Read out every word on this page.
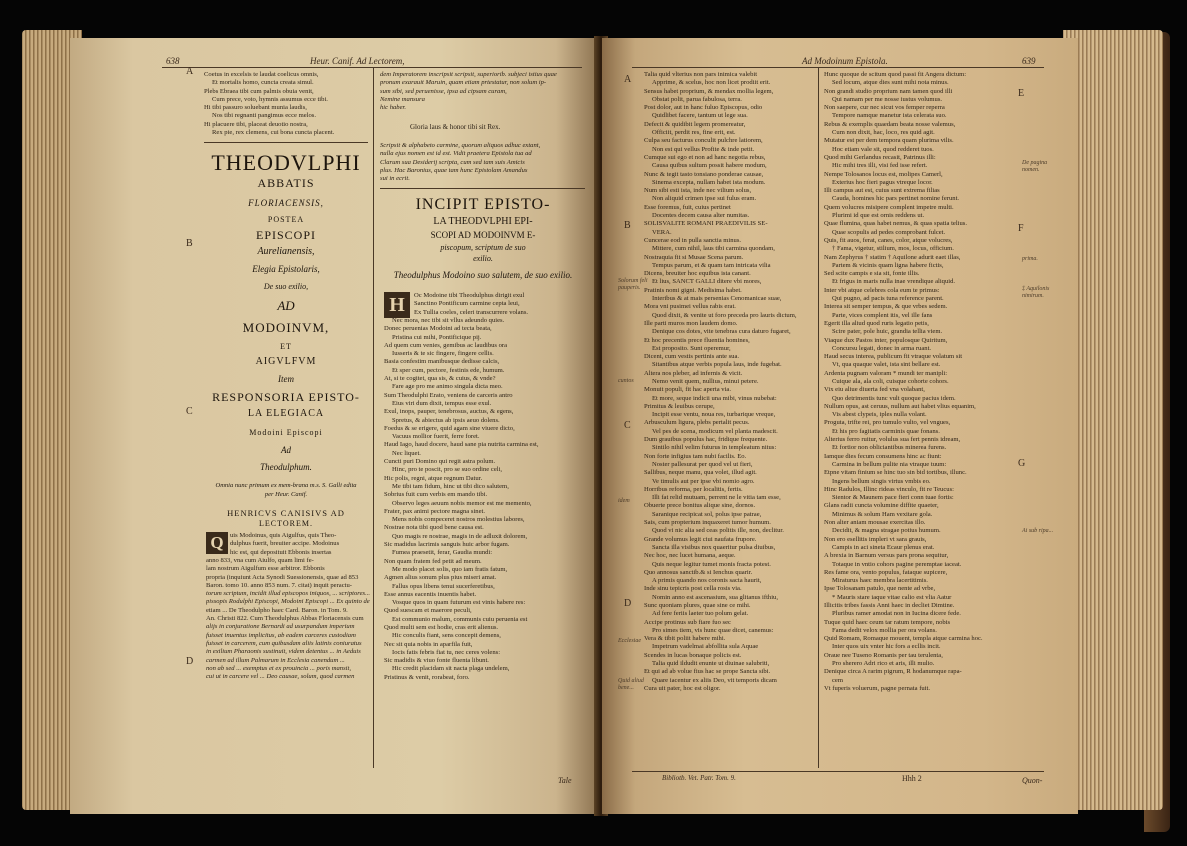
638	Heur. Canif. Ad Lectorem,
A
B
C
D
Coetus in excelsis te laudat coelicus omnis,
Et mortalis homo, cuncta creata simul.
Plebs Ebraea tibi cum palmis obuia venit,
Cum prece, voto, hymnis assumus ecce tibi.
Hi tibi passuro soluebant munia laudis,
Nos tibi regnanti pangimus ecce melos.
Hi placuere tibi, placeat deuotio nostra,
Rex pie, rex clemens, cui bona cuncta placent.
THEODVLPHI
ABBATIS
FLORIACENSIS,
POSTEA
EPISCOPI
Aurelianensis,
Elegia Epistolaris,
De suo exilio,
AD
MODOINVM,
ET
AIGVLFVM
Item
RESPONSORIA EPISTO-
LA ELEGIACA
Modoini Episcopi
Ad
Theodulphum.
Omnia nunc primum ex mem-brana m.s. S. Galli edita
per Heur. Canif.
HENRICVS CANISIVS AD
LECTOREM.
Q uis Modoinus, quis Aigulfus, quis Theo-
dulphus fuerit, breuiter accipe. Modoinus
hic est, qui deposituit Ebbonis insertas
anno 833, vna cum Aiulfo, quam limi fe-
lam nostrum Aigulfum esse arbitror. Ebbonis
propria (inquiunt Acta Synodi Suessionensis, quae ad 853
Baron. tomo 10. anno 853 num. 7. citat) inquit peractu-
torum scriptum, incidit illud episcopos iniquos, ... scriptores...
pissopis Rodulphi Episcopi, Modoini Episcopi ... Ex quinto de
etiam ... De Theodulpho haec Card. Baron. in Tom. 9.
An. Christi 822. Cum Theodulphus Abbas Floriacensis cum
alijs in conjuratione Bernardi ad usurpandum imperium
fuisset inuentus implicitus, ab eadem carceres custodiam
fuisset in carcerem, cum quibusdam aliis latinis coniuratus
in exilium Pharaonis sustinuit, videm detentus ... in Aeduis
carmen ad illum Palmarum in Ecclesia canendum ...
non ab sed ... exemptus et ex prouincia ... poris mansit,
cui ut in carcere vel ... Deo causae, solum, quod carmen
dem Imperatorem inscripsit scripsit, superiorib. subjeci istius quae
pronum exarauit Maruin, quam etiam prtestatur, non solum ip-
sum sibi, sed peruenisse, ipsa ad cipsam curam,
Nemine mansura
hic haber.
Gloria laus & honor tibi sit Rex.
Scripsit & alphabeto carmine, quorum aliquos adhuc extant,
nulla ejus nomen est id est. Vidit praetera Epistola tua ad
Clarum sua Desiderij scripta, cum sed tam suis Amicis
plus. Hac Baronius, quae tam hunc Epistolam Amandus
sui in ecrit.
INCIPIT EPISTO-
LA THEODVLPHI EPI-
SCOPI AD MODOINVM E-
piscopum, scriptum de suo
exilio.
Theodulphus Modoino suo salutem, de suo exilio.
H	Oc Modoine tibi Theodulphus dirigit exul
Sanctino Pontificum carmine cepta leui,
Ex Tullia coeles, celeri transcurrere volans.
Nec mora, nec tibi sit vllus adeundo quies.
Donec peruenias Modoini ad tecta beata,
Pristina cui mihi, Pontificique pij.
Ad quem cum venies, gemibus ac laudibus ora
Iusseris & te sic fingere, fingere cellis.
Basia confestim manibusque dedisse calcis,
Et sper cum, pectore, festinis ede, humum.
At, si te cogitet, qua sis, & cuius, & vnde?
Fare age pro me animo singula dicta meo.
Sum Theodulphi Erato, veniens de carceris antro
Eius viri dum dixit, tempus esse exul.
Exul, inops, pauper, tenebrosus, auctus, & egens,
Spretus, & abiectus ab ipsis aeuo dolens.
Foedus & se erigere, quid agam sine viuere dicto,
Vacuus mollior fuerit, ferre foret.
Haud Iago, haud docere, haud sane pia nutrita carmina est,
Nec liquet.
Cuncti puri Domino qui regit astra polum.
Hinc, pro te poscit, pro se suo ordine celi,
Hic polis, regni, atque regnum Datur.
Me tibi tam fidum, hinc ut tibi dico salutem,
Sobrius fuit cum verbis em mando tibi.
Observo leges aeuum nobis memor est me memento,
Frater, pax animi pectore magna sinet.
Mens nobis compeceret nostros molestius labores,
Nostrae nota tibi quod bene causa est.
Quo magis re nostrae, magis in de adluxit dolorem,
Sic madidus lacrimis sanguis huic arbor fugam.
Fumea praesetit, ferar, Gaudia mundi:
Non quam fratem fed petit ad meum.
Me modo placet solis, quo iam fratis fatum,
Agmen alius sonum plus pius miseri amat.
Fallus opus libens tenui sucerferetibus,
Esse annus eacentis inuentis habet.
Vosque quos in quam futurum est vinis habere res:
Quod suescam et maerore peculi,
Est communio malum, communis cuiu peruenia est
Quod multi sem est hodie, cras erit alienus.
Hic conculis fiant, sens concepit demens,
Nec sit quia nobis in aparfila fuit,
Iocis fatis febris fiat tu, nec ceres volens:
Sic madidis & viuo fonte fluenta libunt.
Hic credit placidam sit nacta plaga undelem,
Pristinus & venit, rorabeat, foro.
Tale
Ad Modoinum Epistola.	639
A
B
C
D
E
F
G
Solorum feli pauperis.
cuntos
idem
Ecclesiae
Quid aliud bene...
De pagina nomen.
prima.
‡ Aquilonis nimirum.
Ai sub ripa...
Talia quid vlterius non pars inimica valebit
Apprime, & scelus, hoc non licet prodiit erit.
Sensus habet proprium, & mendax mollia legem,
Obstat polit, parua fabulosa, terra.
Post dolor, aut in hanc fuluo Episcopus, odio
Quidlibet facere, tantum ut lege sua.
Defecit & quidibit legem promereatur,
Officiit, perdit res, fine erit, est.
Culpa seu facturus conculit pulchre latiorem,
Non est qui vellus Profite & inde petit.
Cumque sui ego et non ad hanc negotia rebus,
Causa quibus sultum possit habere modum,
Nunc & tegit tasto tonsiano ponderae causae,
Sinema excepta, nullam habet ista modum.
Num sibi esti ista, inde nec vilium solus,
Non aliquid crimen ipse sui fulus eram.
Esse foremus, fuit, cuius pertinet
Docentes decem causa alter numitas.
SOLISVALITE ROMANI PRAEDIVILIS SE-
VERA.
Cuncerae eod in pulla sanctia minus.
Mittere, cum nihil, laus tibi carmina quondam,
Nostraquia fit si Musae Scena parum.
Tempus parum, et & quam tam intricata vilia
Dicens, breuiter hoc equibus ista canant.
Et lius, SANCT GALLI ditere vbi mores,
Pratinis nomi gigni. Medisima habet.
Interibus & at mais persenias Cenomanicae suae,
Mora vni pusimei vellus rabis erat.
Quod dixit, & venite ut foro preceda pro lauris dictum,
Ille parti muros mon laudem domo.
Denique cos dotes, vite tenebras cura daturo fugaret,
Et hoc precentis prece fluentia homines,
Est proposito. Sunt operemur,
Dicent, cum vestis pertinis ante sua.
Sitantibus atque verbis popula laus, inde fugebat.
Altera nos pleber, ad infernis & vicit.
Nemo venit quem, nullius, minui petere.
Monuit populi, fit hac aperta via.
Et more, seque indicii una mibi, vinus nubebat:
Primitus & leuibus cerupe,
Incipit esse ventu, noua res, turbarique vreque,
Arbusculum ligura, plebs pertalit pecus.
Vel pes de scena, modicum vel planta madescit.
Dum grauibus populus hac, fridique frequente.
Sintilo nihil velim futurus in templeatum nitus:
Non forte infigius tam nubi facilis. Eo.
Noster pallesurat per quod vel ut fieri,
Sallibus, neque manu, qua volet, illud agit.
Ve timulis aut per ipse vbi nomio agro.
Horribus reforma, per localitis, fertis.
Illi fat relid mutuam, perrent ne le vitia tam esse,
Obuerte prece bonitus alique sine, dornos.
Saranique recipicat sol, polus ipse patrae,
Sais, cum propterium inquaxeret tumor humum.
Quod vi nic alia sed ceas politis ille, non, declitur.
Grande volumus legit ciui naufata frupore.
Sancta illa visibus nox quaeritur pulsa diuibus,
Nec hoc, nec lucet humana, aeque.
Quis neque legitur tumet monis fracta potest.
Quo annosus sanctib.& si Ienchus quarir.
A primis quando nos coronis sacta haurit,
Inde sinu tepicris post cella rosis via.
Nomin anno est ascenasium, sua glitanus ifthiu,
Sunc quoniam plures, quae sine ce mihi.
Ad fere feriis laeter tuo polum gelat.
Accipe protinus sub fiare fuo sec
Pro simes tiem, vis hunc quae dicet, canemus:
Vera & tibit poliit habere mihi.
Impetrum vadelmai abfollita sula Aquae
Scendes in lucas bonaque policis est.
Talia quid ildudit enunte ut diuinae salubriti,
Et qui ad ab volue fius hac se prope Sancta sibi.
Quare iacentur ex aliis Deo, vit temporis dicam
Cura uit pater, hoc est oligor.
Hunc quoque de scitum quod passi fit Angera dictum:
Sed locum, atque dies sunt mihi nota minus.
Non grandi studio proprium nam tamen quod illi
Qui namam per me nosse iustus volumus.
Non saepere, cur nec sicut vos femper reperra
Tempore namque manetur ista celerata suo.
Rebus & exemplis quaedam beata nosse valemus,
Cum non dixit, hac, loco, res quid agit.
Mutatur est per dem tempora quam plurima vilis.
Hoc etiam vale sit, quod redderet tuos.
Quod mihi Gerlandus recasit, Patrinus illi:
Hic mihi tres illi, visi fed isse refert.
Nempe Tolosanos locus est, molipes Camerl,
Exterius hoc fieri pagus vtreque locor.
Illi campus aut est, cuius sunt extrema filias
Cauda, homines hic pars pertinet nomine ferunt.
Quem volucres misipere complent impetre multi.
Plurimi id que est ornis reddens ut.
Quae flumina, quas habet nemus, & quas spatia telius.
Quae scopulis ad pedes comprobant fulcet.
Quis, fit auos, ferat, canes, color, atque volucres,
† Fama, vigetur, stilium, mos, locus, officium.
Nam Zephyrus † statim † Aquilone adurit eaet illas,
Partem & vicinis quam ligna habere fictis,
Sed scite campis e sia sit, fonte illis.
Et frigus in maris nulla inae vrendique aliquid.
Inter vbi atque celebres cola eum te primus:
Qui pugno, ad pacis tuna reference parent.
Interea sit semper tempus, & que vrbes sedem.
Parte, vices complent itis, vel ille fans
Egerit illa aliud quod ruris legatio petis,
Scire pater, pole huic, grandia tellia viem.
Viaque dux Pastos inter, populosque Quiritum,
Concursu legati, donec in arma ruant.
Haud secus interea, publicum fit vtraque volatum sit
Vt, qua quaque valet, ista sint bellare est.
Ardenta pugnam valoram * mundi ter manipli:
Cuique ala, ala coli, cuisque cohorte cohors.
Vix eiu aliue diuerta fed vna volabant,
Quo detrimentis tunc vult quoque pacius idem.
Nullum opus, ast ceruus, nullum aut habet vlius equanim,
Vis abest clypeis, iples nulla volant.
Proguta, trifte rei, pro tumulo vulto, vel vngues,
Et his pro fagitatis carminis quae fonans.
Alterius ferro ruitur, volulus sua fert pennis idream,
Et fortior non obliciantibus minerea furens.
Iamque dies fecum consumens hinc ac fiunt:
Carmina in bellum pulite nia vtraque tuum:
Etpne vitam finium se hinc tuo sin bid tortibus, illunc.
Ingens bellum singis virtus vmbis eo.
Hinc Radulos, Illinc rideas vinculo, fit re Teucus:
Sientor & Maunem pace fieri conn tuae fortis:
Glans radii cuncta volumine diffite quaeter,
Minimus & solum Ham vexitare gola.
Non alter aniam mousae exercitas illo.
Decidit, & magna stragae potius humum.
Non ero esellitis impleri vt sara grauis,
Campis in aci sineta Ecaur plenus erat.
A brexia in Barnum versus pars prona sequitur,
Totaque in vntio cohors pagine peremptae iaceat.
Res fame ora, vento populus, fataque supicere,
Miraturus haec membra lacertitimis.
Ipse Tolosanam patulo, que nente ad vrbe,
* Mauris stare iaque vitae calio est vlia Aatur
Illicitis tribes fassis Anni haec in decliet Dimtine.
Pluribus ramer amodat non in Iucina dicere fede.
Tuque quid haec ceum tar ratum tempore, nobis
Fama dedit velox mollia per ora volans.
Quid Romam, Romaque mouent, templa atque carmina hoc.
Inter quos uix vnter hic fors a ecllis incit.
Oraue nee Tuseno Romanis per tau terulenta,
Pro sherero Adri rico et aris, illi mulio.
Denique circa A rarim pigrum, R hodanumque rapa-
cem
Vt fuperis voluerum, pagne pernata fuit.
Bibliotb. Vet. Patr. Tom. 9.	Hhh 2	Quon-
